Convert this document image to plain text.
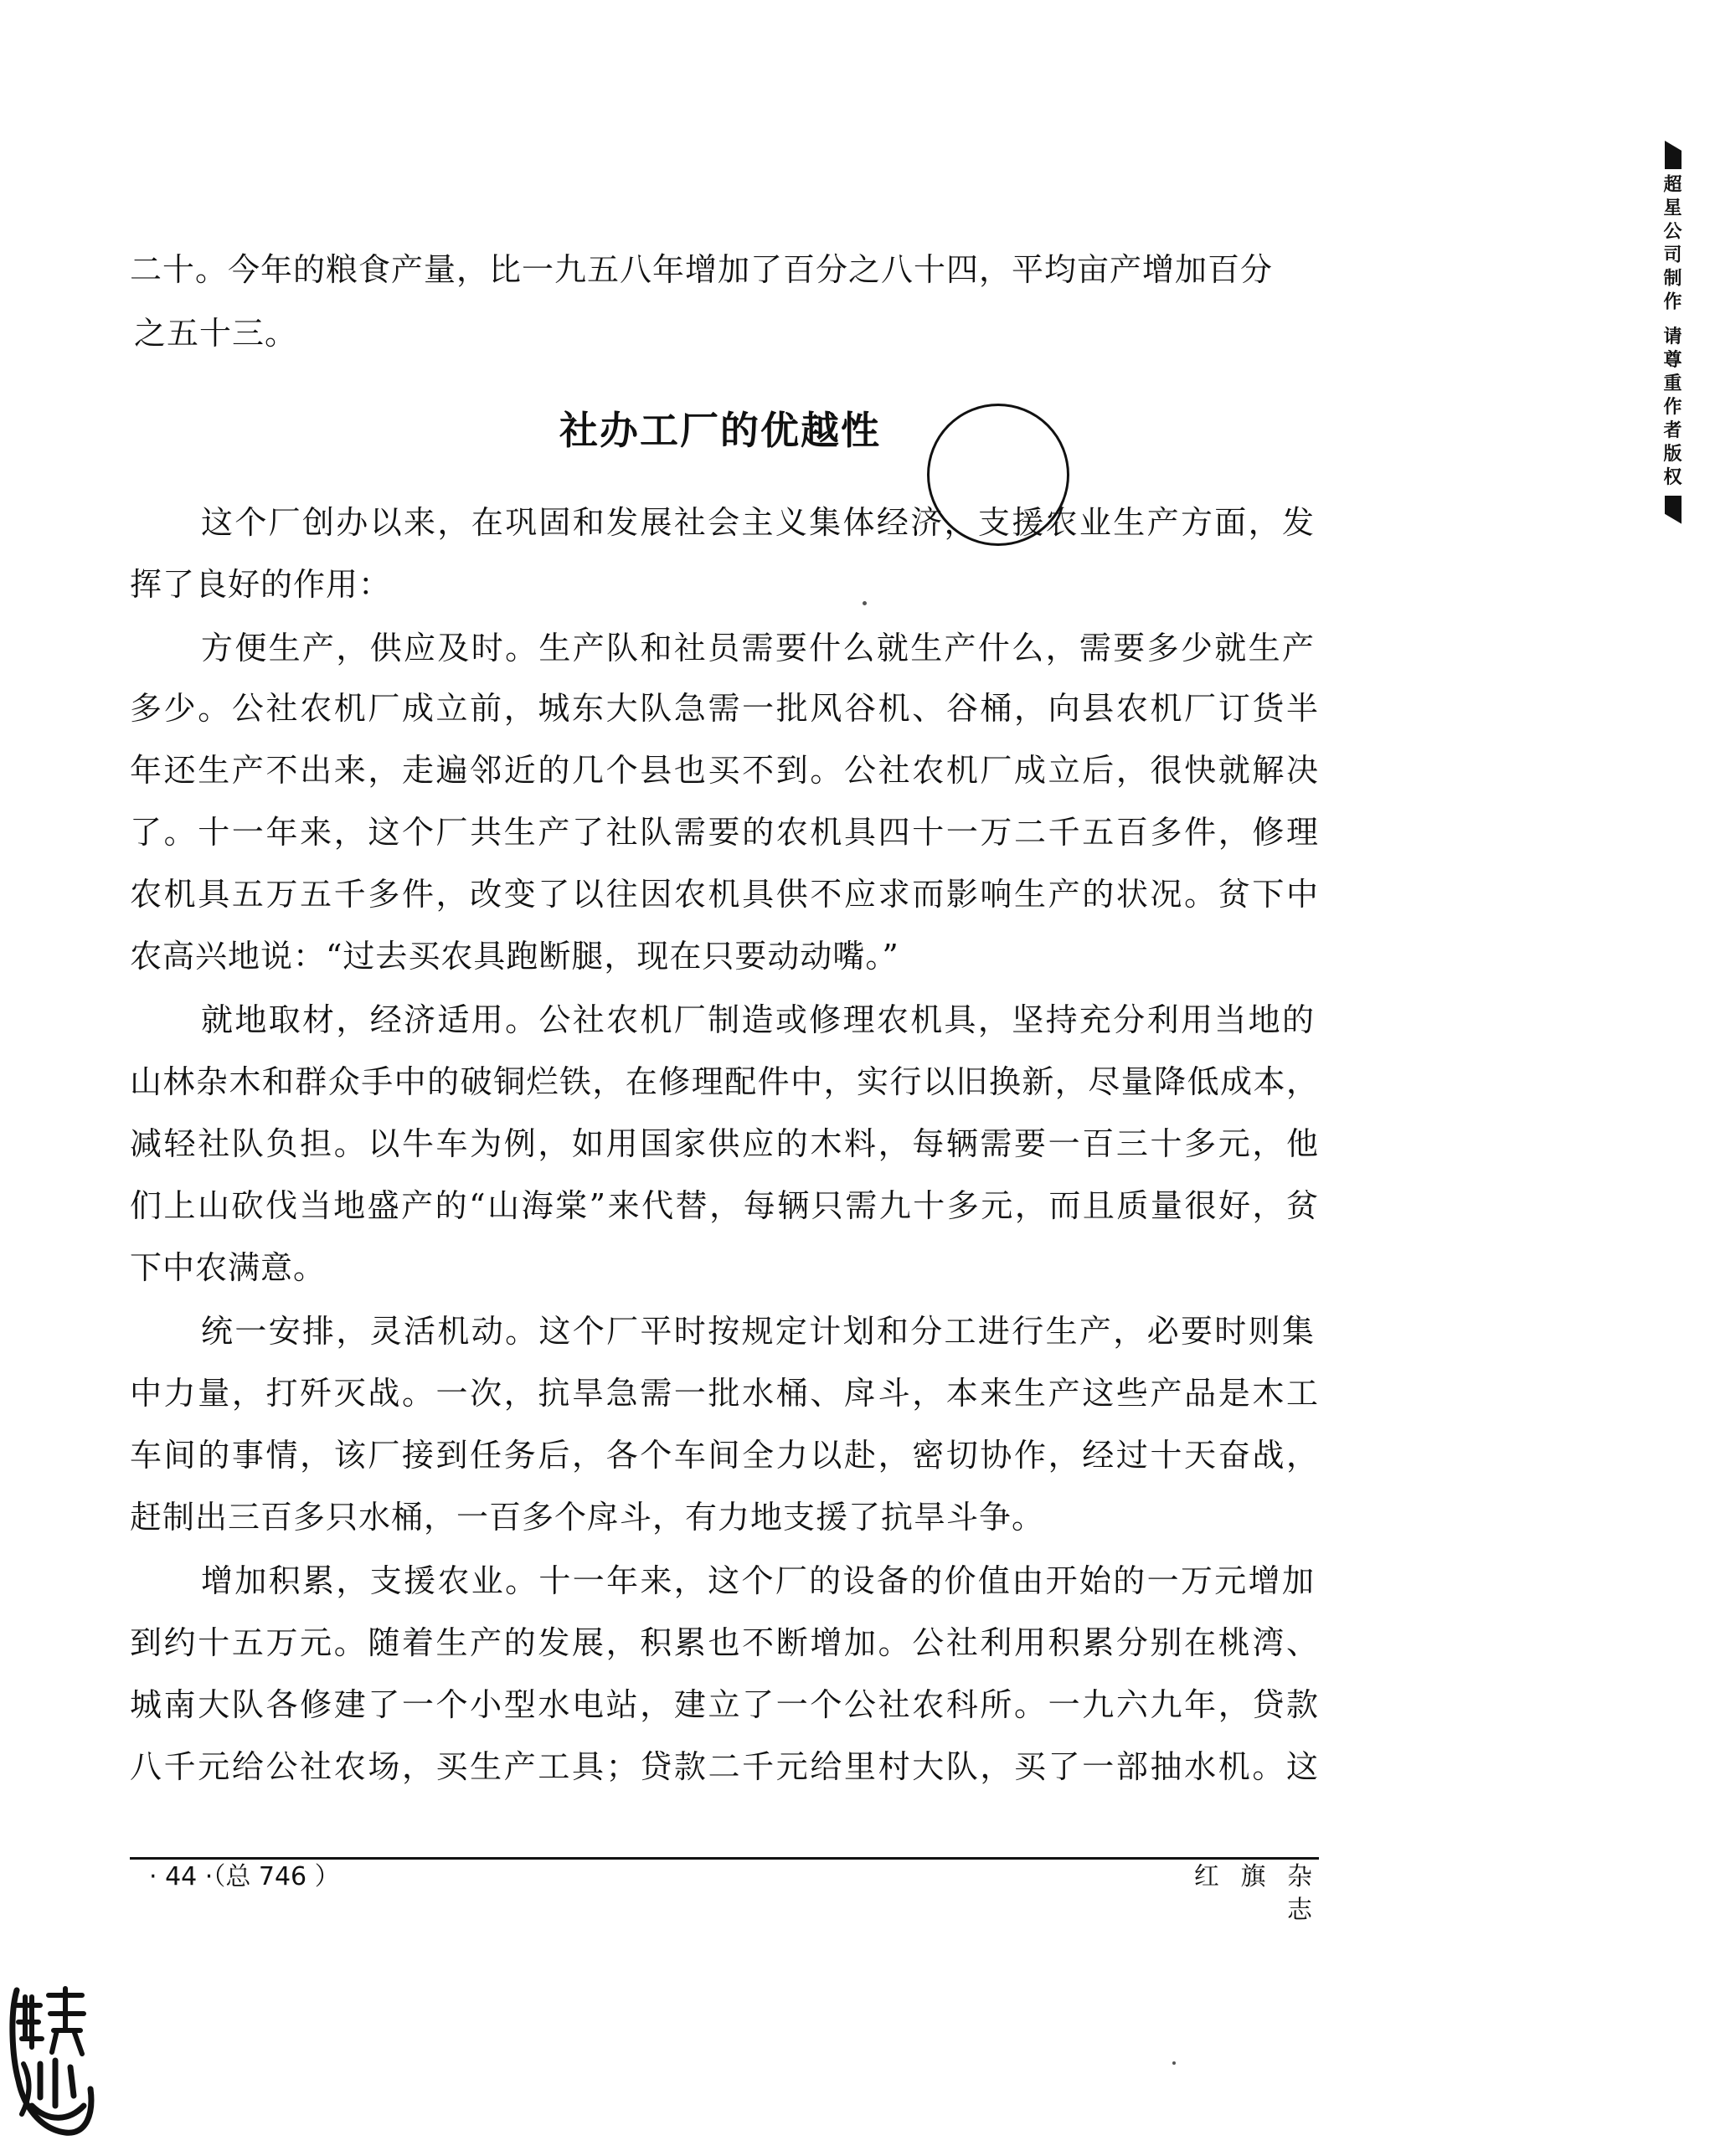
二十。今年的粮食产量，比一九五八年增加了百分之八十四，平均亩产增加百分
之五十三。
社办工厂的优越性
这个厂创办以来，在巩固和发展社会主义集体经济，支援农业生产方面，发
挥了良好的作用：
方便生产，供应及时。生产队和社员需要什么就生产什么，需要多少就生产
多少。公社农机厂成立前，城东大队急需一批风谷机、谷桶，向县农机厂订货半
年还生产不出来，走遍邻近的几个县也买不到。公社农机厂成立后，很快就解决
了。十一年来，这个厂共生产了社队需要的农机具四十一万二千五百多件，修理
农机具五万五千多件，改变了以往因农机具供不应求而影响生产的状况。贫下中
农高兴地说：“过去买农具跑断腿，现在只要动动嘴。”
就地取材，经济适用。公社农机厂制造或修理农机具，坚持充分利用当地的
山林杂木和群众手中的破铜烂铁，在修理配件中，实行以旧换新，尽量降低成本，
减轻社队负担。以牛车为例，如用国家供应的木料，每辆需要一百三十多元，他
们上山砍伐当地盛产的“山海棠”来代替，每辆只需九十多元，而且质量很好，贫
下中农满意。
统一安排，灵活机动。这个厂平时按规定计划和分工进行生产，必要时则集
中力量，打歼灭战。一次，抗旱急需一批水桶、戽斗，本来生产这些产品是木工
车间的事情，该厂接到任务后，各个车间全力以赴，密切协作，经过十天奋战，
赶制出三百多只水桶，一百多个戽斗，有力地支援了抗旱斗争。
增加积累，支援农业。十一年来，这个厂的设备的价值由开始的一万元增加
到约十五万元。随着生产的发展，积累也不断增加。公社利用积累分别在桃湾、
城南大队各修建了一个小型水电站，建立了一个公社农科所。一九六九年，贷款
八千元给公社农场，买生产工具；贷款二千元给里村大队，买了一部抽水机。这
· 44 ·（总 746 ）	红 旗 杂 志
超星公司制作 请尊重作者版权
